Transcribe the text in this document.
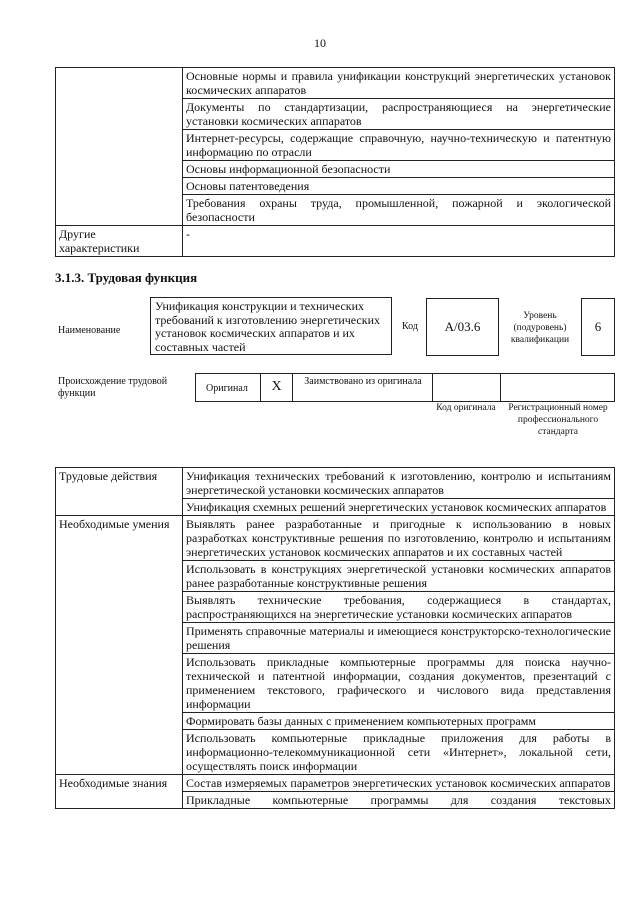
10
	Основные нормы и правила унификации конструкций энергетических установок космических аппаратов
	Документы по стандартизации, распространяющиеся на энергетические установки космических аппаратов
	Интернет-ресурсы, содержащие справочную, научно-техническую и патентную информацию по отрасли
	Основы информационной безопасности
	Основы патентоведения
	Требования охраны труда, промышленной, пожарной и экологической безопасности
Другие характеристики	-
3.1.3. Трудовая функция
Наименование
Унификация конструкции и технических требований к изготовлению энергетических установок космических аппаратов и их составных частей
Код	А/03.6
Уровень (подуровень) квалификации
6
Происхождение трудовой функции	Оригинал	X	Заимствовано из оригинала
Код оригинала	Регистрационный номер профессионального стандарта
Трудовые действия	Унификация технических требований к изготовлению, контролю и испытаниям энергетической установки космических аппаратов
	Унификация схемных решений энергетических установок космических аппаратов
Необходимые умения	Выявлять ранее разработанные и пригодные к использованию в новых разработках конструктивные решения по изготовлению, контролю и испытаниям энергетических установок космических аппаратов и их составных частей
	Использовать в конструкциях энергетической установки космических аппаратов ранее разработанные конструктивные решения
	Выявлять технические требования, содержащиеся в стандартах, распространяющихся на энергетические установки космических аппаратов
	Применять справочные материалы и имеющиеся конструкторско-технологические решения
	Использовать прикладные компьютерные программы для поиска научно-технической и патентной информации, создания документов, презентаций с применением текстового, графического и числового вида представления информации
	Формировать базы данных с применением компьютерных программ
	Использовать компьютерные прикладные приложения для работы в информационно-телекоммуникационной сети «Интернет», локальной сети, осуществлять поиск информации
Необходимые знания	Состав измеряемых параметров энергетических установок космических аппаратов
	Прикладные компьютерные программы для создания текстовых
